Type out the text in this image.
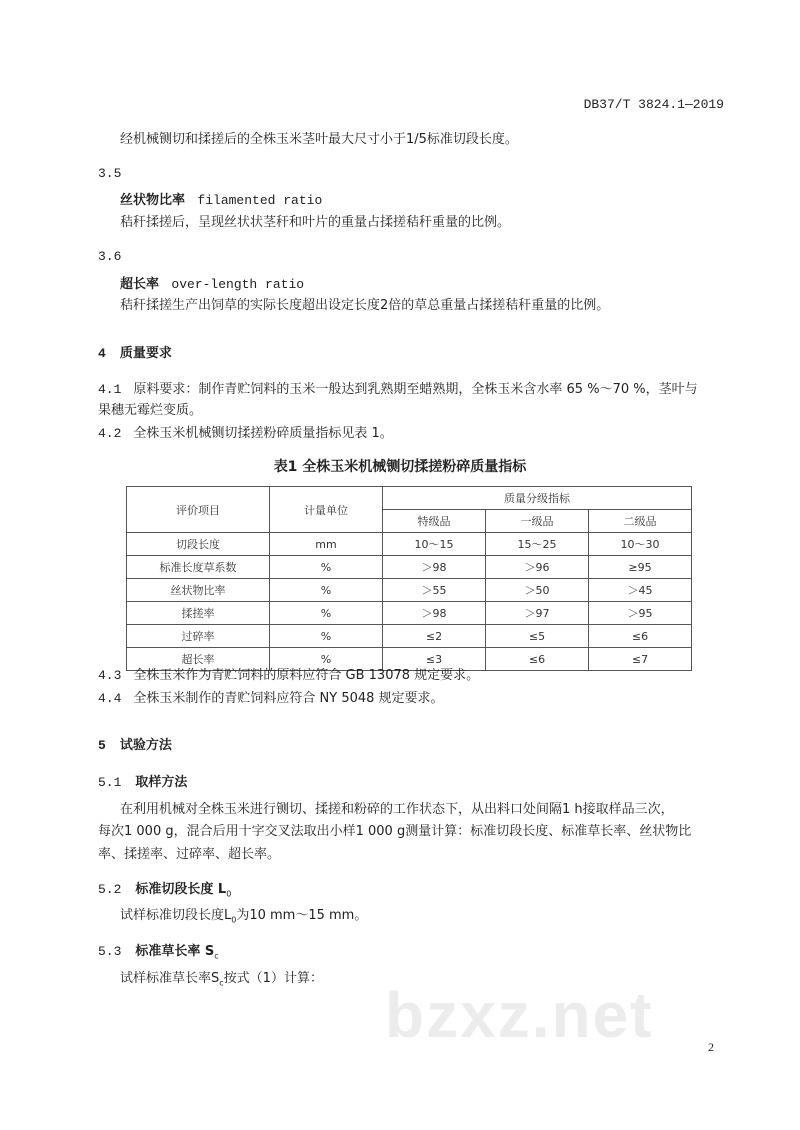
DB37/T 3824.1—2019
经机械铡切和揉搓后的全株玉米茎叶最大尺寸小于1/5标准切段长度。
3.5
丝状物比率 filamented ratio
秸秆揉搓后，呈现丝状状茎秆和叶片的重量占揉搓秸秆重量的比例。
3.6
超长率 over-length ratio
秸秆揉搓生产出饲草的实际长度超出设定长度2倍的草总重量占揉搓秸秆重量的比例。
4 质量要求
4.1 原料要求：制作青贮饲料的玉米一般达到乳熟期至蜡熟期，全株玉米含水率 65 %～70 %，茎叶与
果穗无霉烂变质。
4.2 全株玉米机械铡切揉搓粉碎质量指标见表 1。
表1 全株玉米机械铡切揉搓粉碎质量指标
评价项目	计量单位	质量分级指标		
		特级品	一级品	二级品
切段长度	mm	10～15	15～25	10～30
标准长度草系数	%	＞98	＞96	≥95
丝状物比率	%	＞55	＞50	＞45
揉搓率	%	＞98	＞97	＞95
过碎率	%	≤2	≤5	≤6
超长率	%	≤3	≤6	≤7
4.3 全株玉米作为青贮饲料的原料应符合 GB 13078 规定要求。
4.4 全株玉米制作的青贮饲料应符合 NY 5048 规定要求。
5 试验方法
5.1 取样方法
在利用机械对全株玉米进行铡切、揉搓和粉碎的工作状态下，从出料口处间隔1 h接取样品三次，
每次1 000 g，混合后用十字交叉法取出小样1 000 g测量计算：标准切段长度、标准草长率、丝状物比
率、揉搓率、过碎率、超长率。
5.2 标准切段长度 $L_0$
试样标准切段长度$L_0$为10 mm～15 mm。
5.3 标准草长率 $S_c$
试样标准草长率$S_c$按式（1）计算：
bzxz.net	2
